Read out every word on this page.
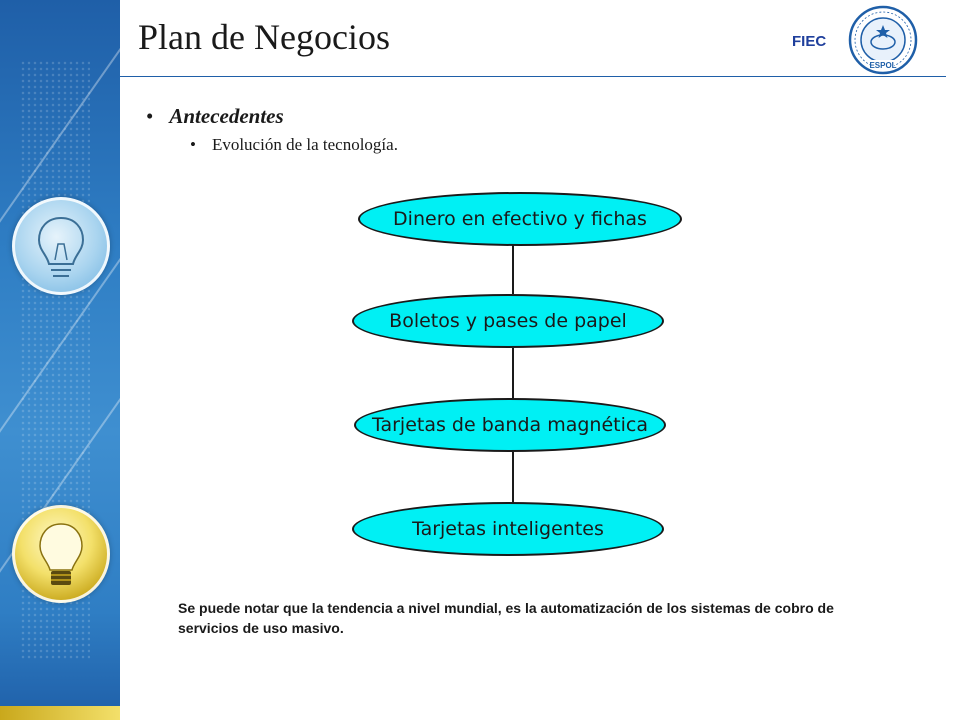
Plan de Negocios	FIEC
ESPOL
• Antecedentes
• Evolución de la tecnología.
Dinero en efectivo y fichas
Boletos y pases de papel
Tarjetas de banda magnética
Tarjetas inteligentes
Se puede notar que la tendencia a nivel mundial, es la automatización de los sistemas de cobro de servicios de uso masivo.
